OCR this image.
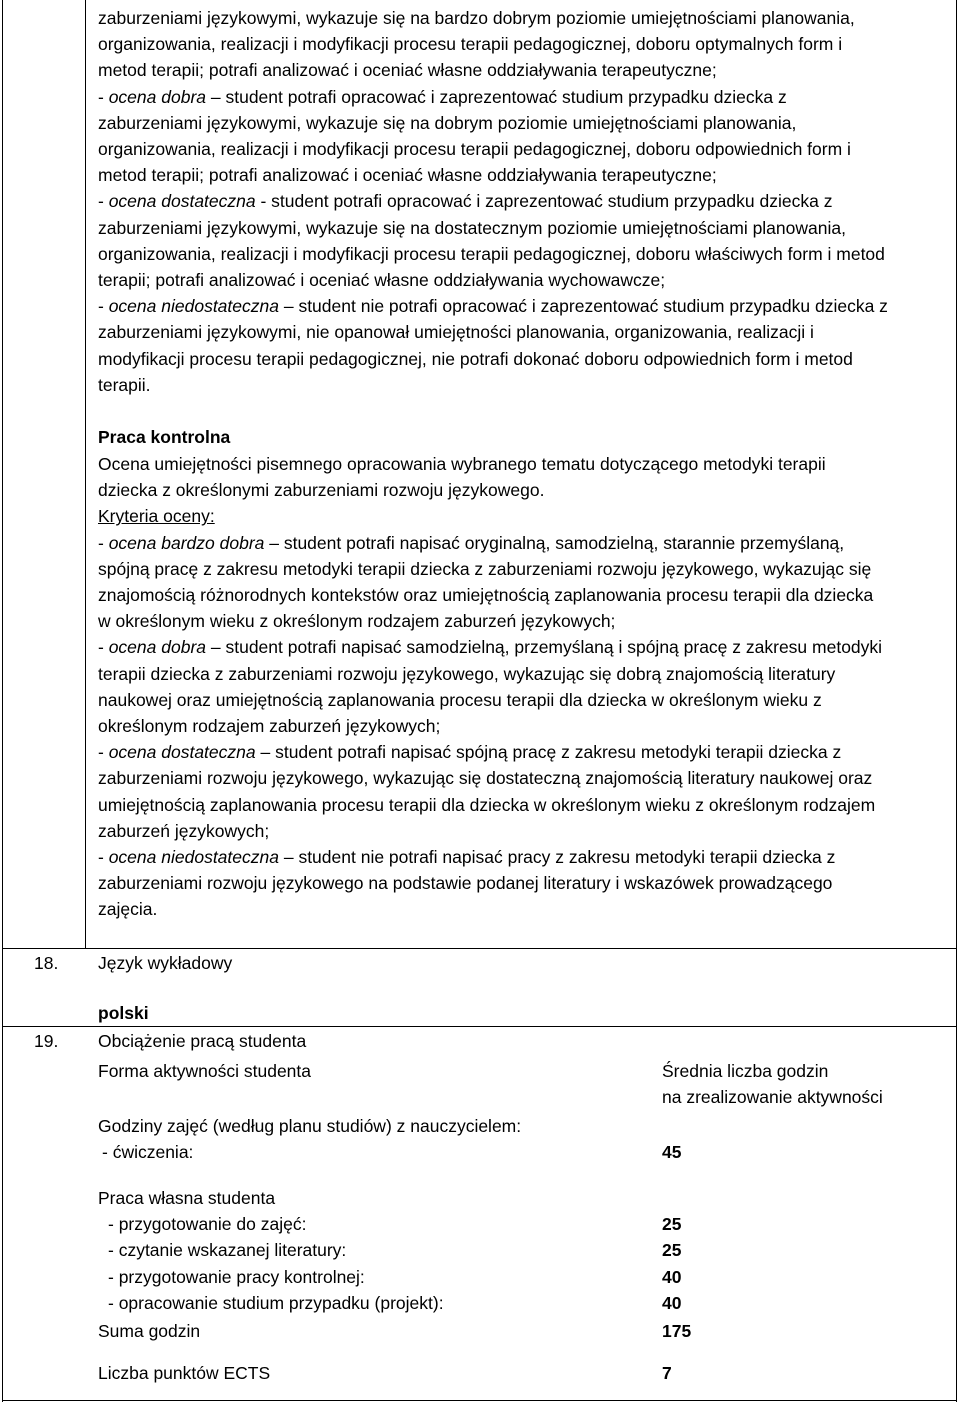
zaburzeniami językowymi, wykazuje się na bardzo dobrym poziomie umiejętnościami planowania,

organizowania, realizacji i modyfikacji procesu terapii pedagogicznej, doboru optymalnych form i

metod terapii; potrafi analizować i oceniać własne oddziaływania terapeutyczne;

- ocena dobra – student potrafi opracować i zaprezentować studium przypadku dziecka z

zaburzeniami językowymi, wykazuje się na dobrym poziomie umiejętnościami planowania,

organizowania, realizacji i modyfikacji procesu terapii pedagogicznej, doboru odpowiednich form i

metod terapii; potrafi analizować i oceniać własne oddziaływania terapeutyczne;

- ocena dostateczna - student potrafi opracować i zaprezentować studium przypadku dziecka z

zaburzeniami językowymi, wykazuje się na dostatecznym poziomie umiejętnościami planowania,

organizowania, realizacji i modyfikacji procesu terapii pedagogicznej, doboru właściwych form i metod

terapii; potrafi analizować i oceniać własne oddziaływania wychowawcze;

- ocena niedostateczna – student nie potrafi opracować i zaprezentować studium przypadku dziecka z

zaburzeniami językowymi, nie opanował umiejętności planowania, organizowania, realizacji i

modyfikacji procesu terapii pedagogicznej, nie potrafi dokonać doboru odpowiednich form i metod

terapii.

Praca kontrolna

Ocena umiejętności pisemnego opracowania wybranego tematu dotyczącego metodyki terapii

dziecka z określonymi zaburzeniami rozwoju językowego.

Kryteria oceny:

- ocena bardzo dobra – student potrafi napisać oryginalną, samodzielną, starannie przemyślaną,

spójną pracę z zakresu metodyki terapii dziecka z zaburzeniami rozwoju językowego, wykazując się

znajomością różnorodnych kontekstów oraz umiejętnością zaplanowania procesu terapii dla dziecka

w określonym wieku z określonym rodzajem zaburzeń językowych;

- ocena dobra – student potrafi napisać samodzielną, przemyślaną i spójną pracę z zakresu metodyki

terapii dziecka z zaburzeniami rozwoju językowego, wykazując się dobrą znajomością literatury

naukowej oraz umiejętnością zaplanowania procesu terapii dla dziecka w określonym wieku z

określonym rodzajem zaburzeń językowych;

- ocena dostateczna – student potrafi napisać spójną pracę z zakresu metodyki terapii dziecka z

zaburzeniami rozwoju językowego, wykazując się dostateczną znajomością literatury naukowej oraz

umiejętnością zaplanowania procesu terapii dla dziecka w określonym wieku z określonym rodzajem

zaburzeń językowych;

- ocena niedostateczna – student nie potrafi napisać pracy z zakresu metodyki terapii dziecka z

zaburzeniami rozwoju językowego na podstawie podanej literatury i wskazówek prowadzącego

zajęcia.

18. Język wykładowy
polski
19. Obciążenie pracą studenta
Forma aktywności studenta	Średnia liczba godzin
na zrealizowanie aktywności
Godziny zajęć (według planu studiów) z nauczycielem:
- ćwiczenia:	45
Praca własna studenta
- przygotowanie do zajęć:	25
- czytanie wskazanej literatury:	25
- przygotowanie pracy kontrolnej:	40
- opracowanie studium przypadku (projekt):	40
Suma godzin	175
Liczba punktów ECTS	7
